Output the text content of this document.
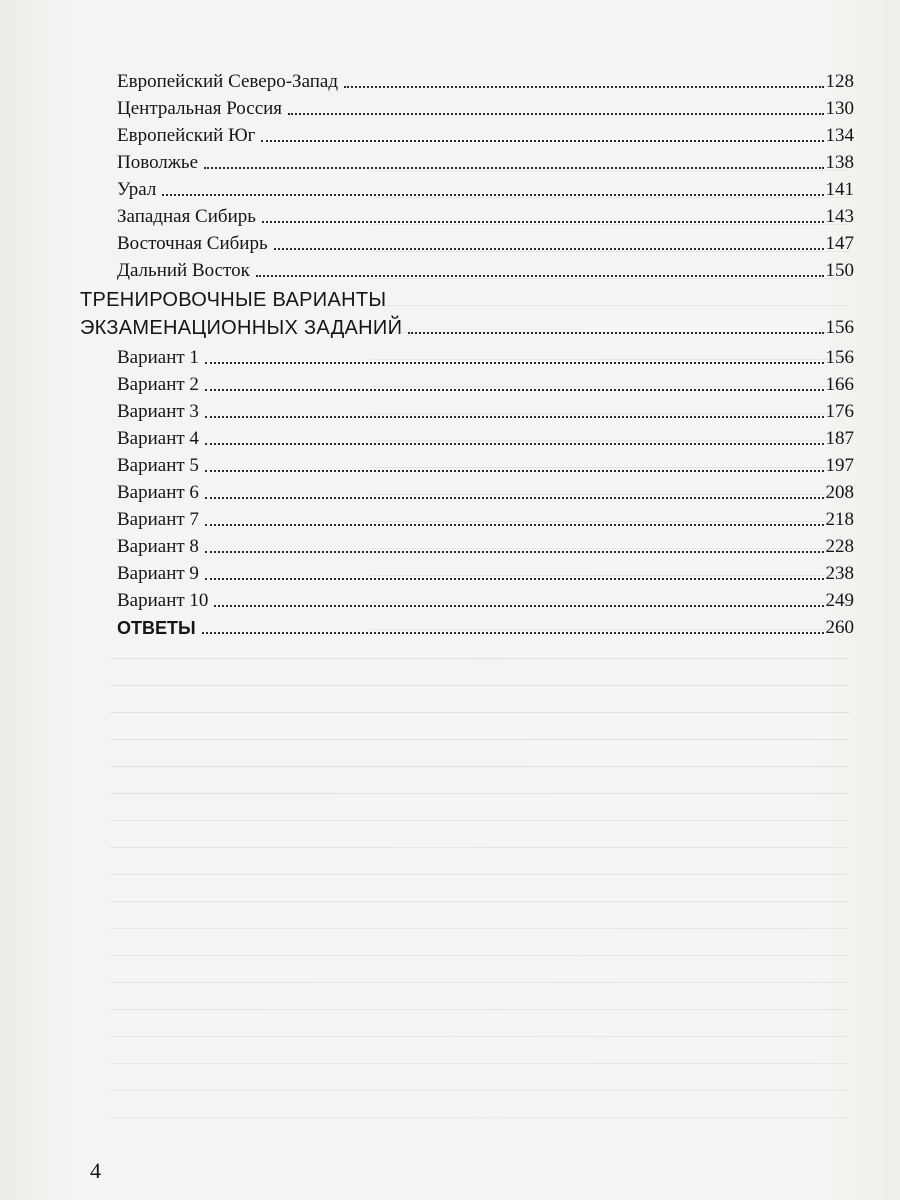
Европейский Северо-Запад	128
Центральная Россия	130
Европейский Юг	134
Поволжье	138
Урал	141
Западная Сибирь	143
Восточная Сибирь	147
Дальний Восток	150
ТРЕНИРОВОЧНЫЕ ВАРИАНТЫ
ЭКЗАМЕНАЦИОННЫХ ЗАДАНИЙ	156
Вариант 1	156
Вариант 2	166
Вариант 3	176
Вариант 4	187
Вариант 5	197
Вариант 6	208
Вариант 7	218
Вариант 8	228
Вариант 9	238
Вариант 10	249
ОТВЕТЫ	260
4
